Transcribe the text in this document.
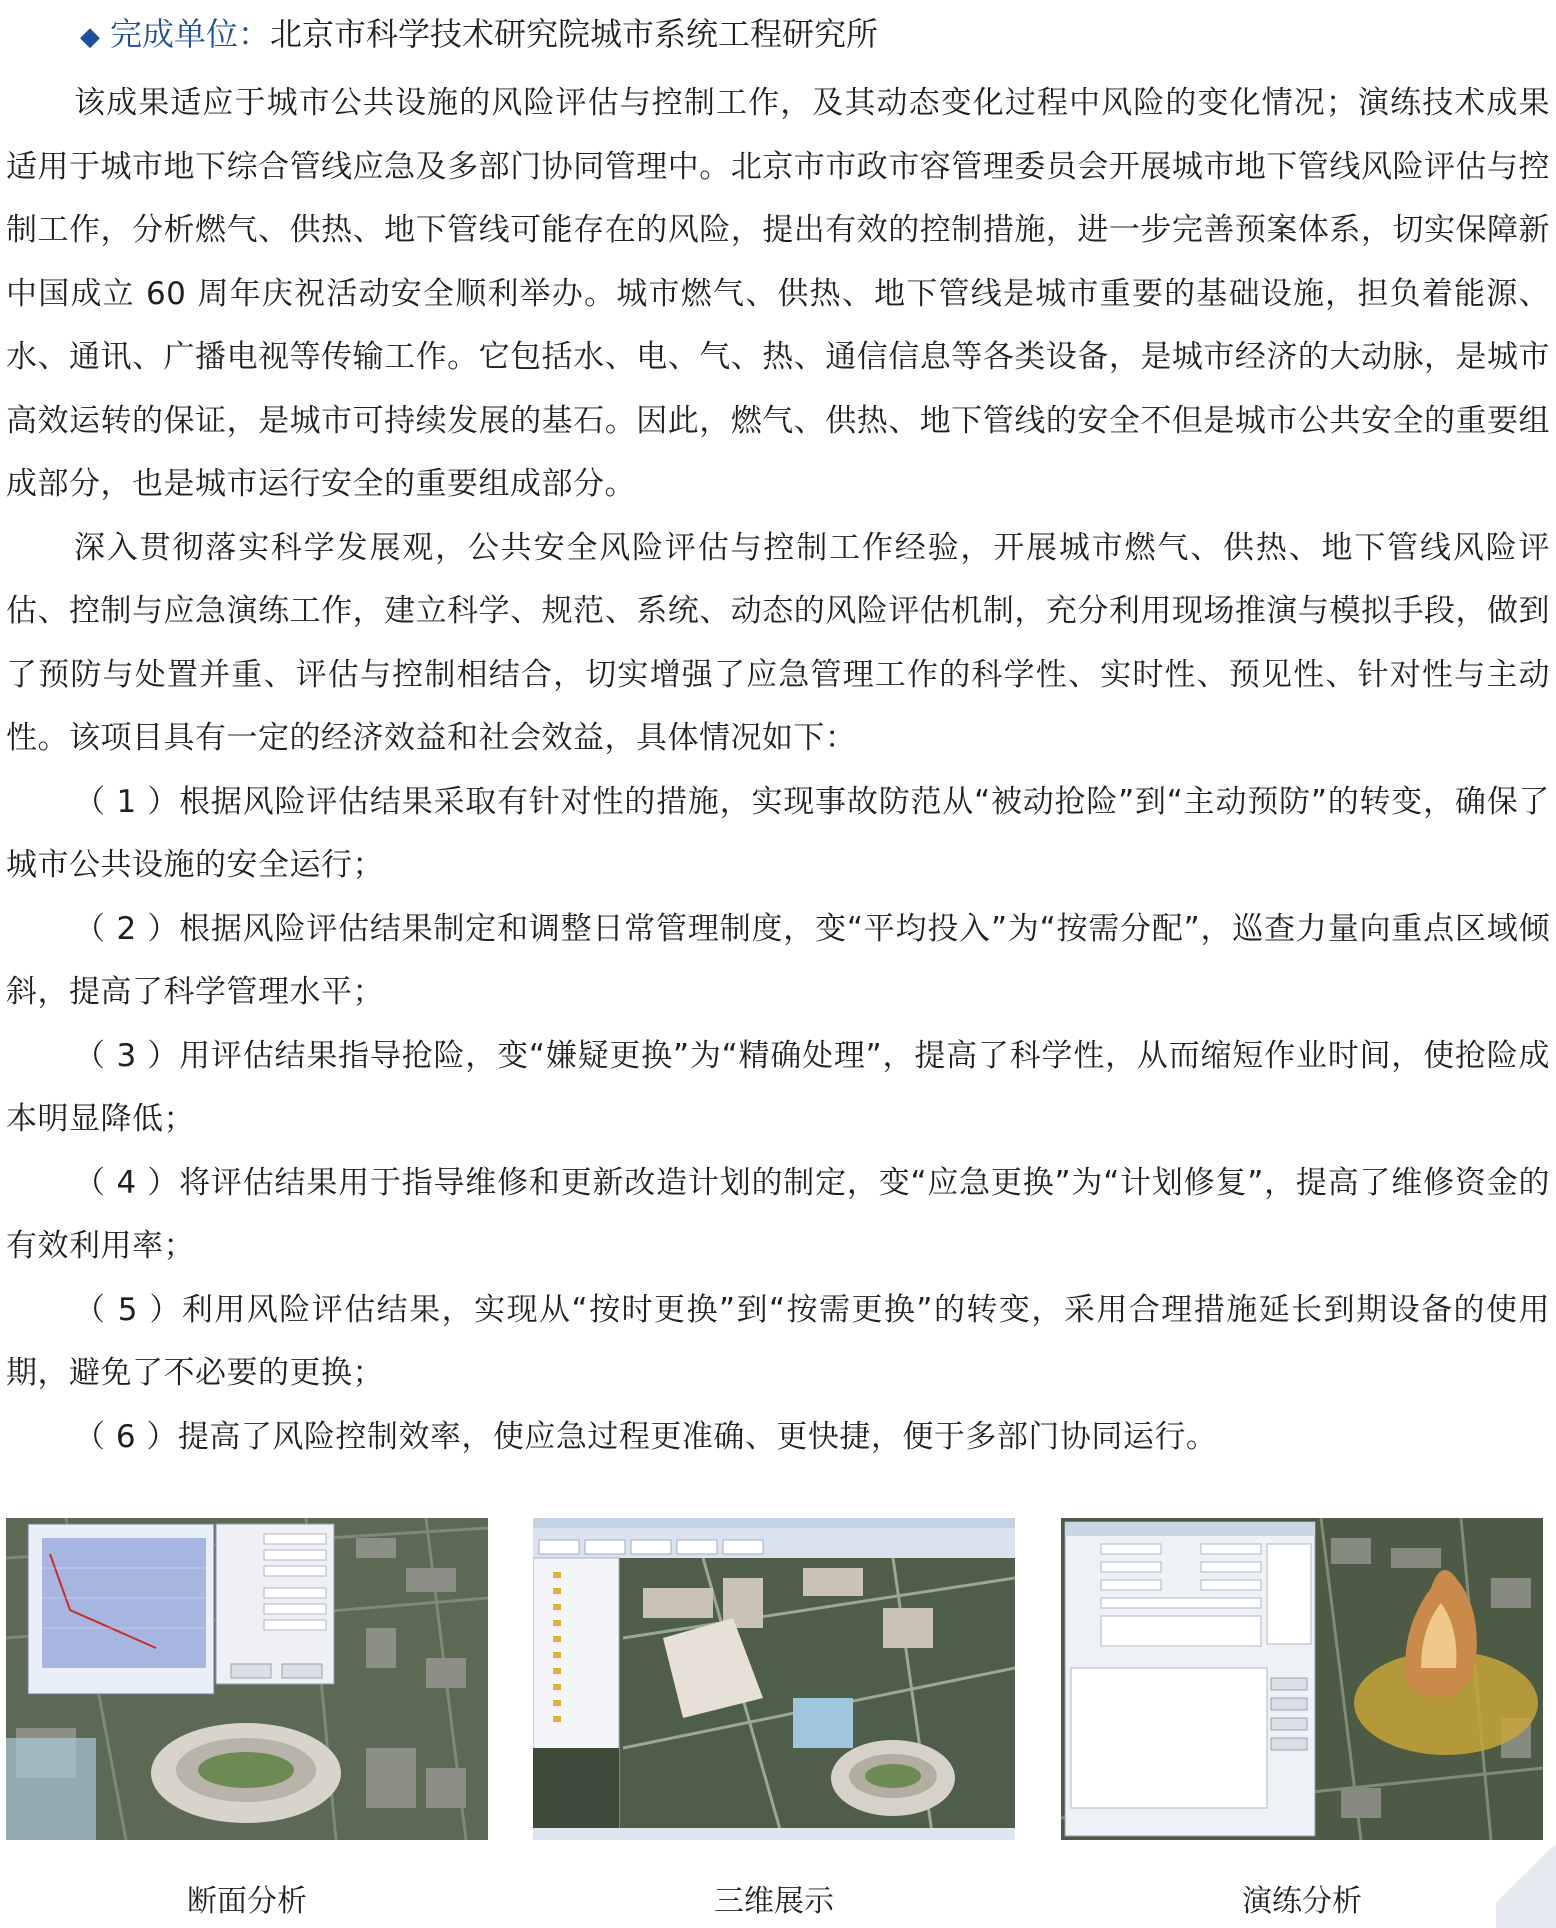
◆ 完成单位：北京市科学技术研究院城市系统工程研究所

该成果适应于城市公共设施的风险评估与控制工作，及其动态变化过程中风险的变化情况；演练技术成果适用于城市地下综合管线应急及多部门协同管理中。北京市市政市容管理委员会开展城市地下管线风险评估与控制工作，分析燃气、供热、地下管线可能存在的风险，提出有效的控制措施，进一步完善预案体系，切实保障新中国成立 60 周年庆祝活动安全顺利举办。城市燃气、供热、地下管线是城市重要的基础设施，担负着能源、水、通讯、广播电视等传输工作。它包括水、电、气、热、通信信息等各类设备，是城市经济的大动脉，是城市高效运转的保证，是城市可持续发展的基石。因此，燃气、供热、地下管线的安全不但是城市公共安全的重要组成部分，也是城市运行安全的重要组成部分。

深入贯彻落实科学发展观，公共安全风险评估与控制工作经验，开展城市燃气、供热、地下管线风险评估、控制与应急演练工作，建立科学、规范、系统、动态的风险评估机制，充分利用现场推演与模拟手段，做到了预防与处置并重、评估与控制相结合，切实增强了应急管理工作的科学性、实时性、预见性、针对性与主动性。该项目具有一定的经济效益和社会效益，具体情况如下：

（ 1 ）根据风险评估结果采取有针对性的措施，实现事故防范从“被动抢险”到“主动预防”的转变，确保了城市公共设施的安全运行；

（ 2 ）根据风险评估结果制定和调整日常管理制度，变“平均投入”为“按需分配”，巡查力量向重点区域倾斜，提高了科学管理水平；

（ 3 ）用评估结果指导抢险，变“嫌疑更换”为“精确处理”，提高了科学性，从而缩短作业时间，使抢险成本明显降低；

（ 4 ）将评估结果用于指导维修和更新改造计划的制定，变“应急更换”为“计划修复”，提高了维修资金的有效利用率；

（ 5 ）利用风险评估结果，实现从“按时更换”到“按需更换”的转变，采用合理措施延长到期设备的使用期，避免了不必要的更换；

（ 6 ）提高了风险控制效率，使应急过程更准确、更快捷，便于多部门协同运行。

断面分析	三维展示	演练分析
